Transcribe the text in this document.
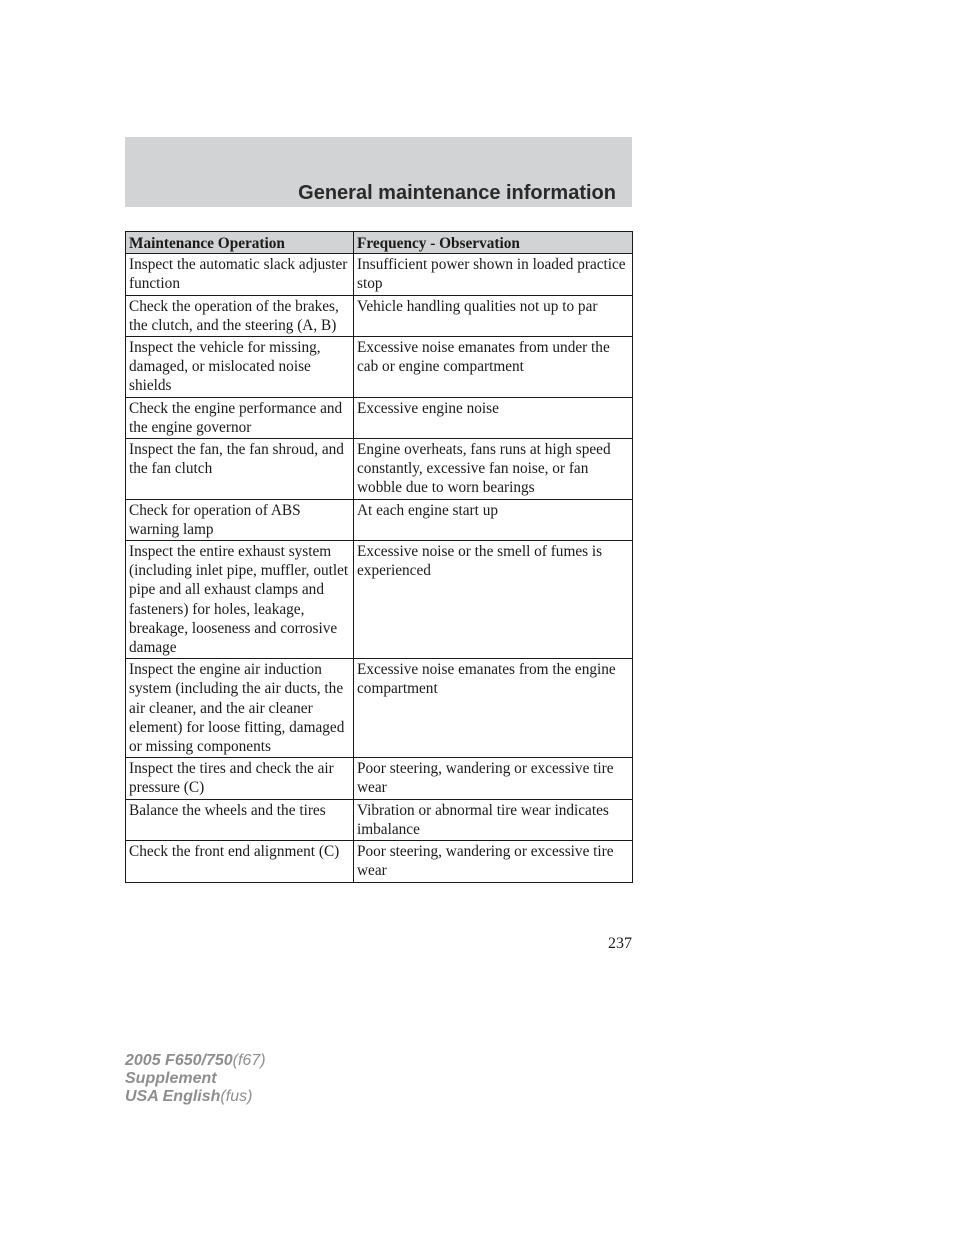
General maintenance information
Maintenance Operation	Frequency - Observation
Inspect the automatic slack adjuster function	Insufficient power shown in loaded practice stop
Check the operation of the brakes, the clutch, and the steering (A, B)	Vehicle handling qualities not up to par
Inspect the vehicle for missing, damaged, or mislocated noise shields	Excessive noise emanates from under the cab or engine compartment
Check the engine performance and the engine governor	Excessive engine noise
Inspect the fan, the fan shroud, and the fan clutch	Engine overheats, fans runs at high speed constantly, excessive fan noise, or fan wobble due to worn bearings
Check for operation of ABS warning lamp	At each engine start up
Inspect the entire exhaust system (including inlet pipe, muffler, outlet pipe and all exhaust clamps and fasteners) for holes, leakage, breakage, looseness and corrosive damage	Excessive noise or the smell of fumes is experienced
Inspect the engine air induction system (including the air ducts, the air cleaner, and the air cleaner element) for loose fitting, damaged or missing components	Excessive noise emanates from the engine compartment
Inspect the tires and check the air pressure (C)	Poor steering, wandering or excessive tire wear
Balance the wheels and the tires	Vibration or abnormal tire wear indicates imbalance
Check the front end alignment (C)	Poor steering, wandering or excessive tire wear
237
2005 F650/750(f67)
Supplement
USA English(fus)
